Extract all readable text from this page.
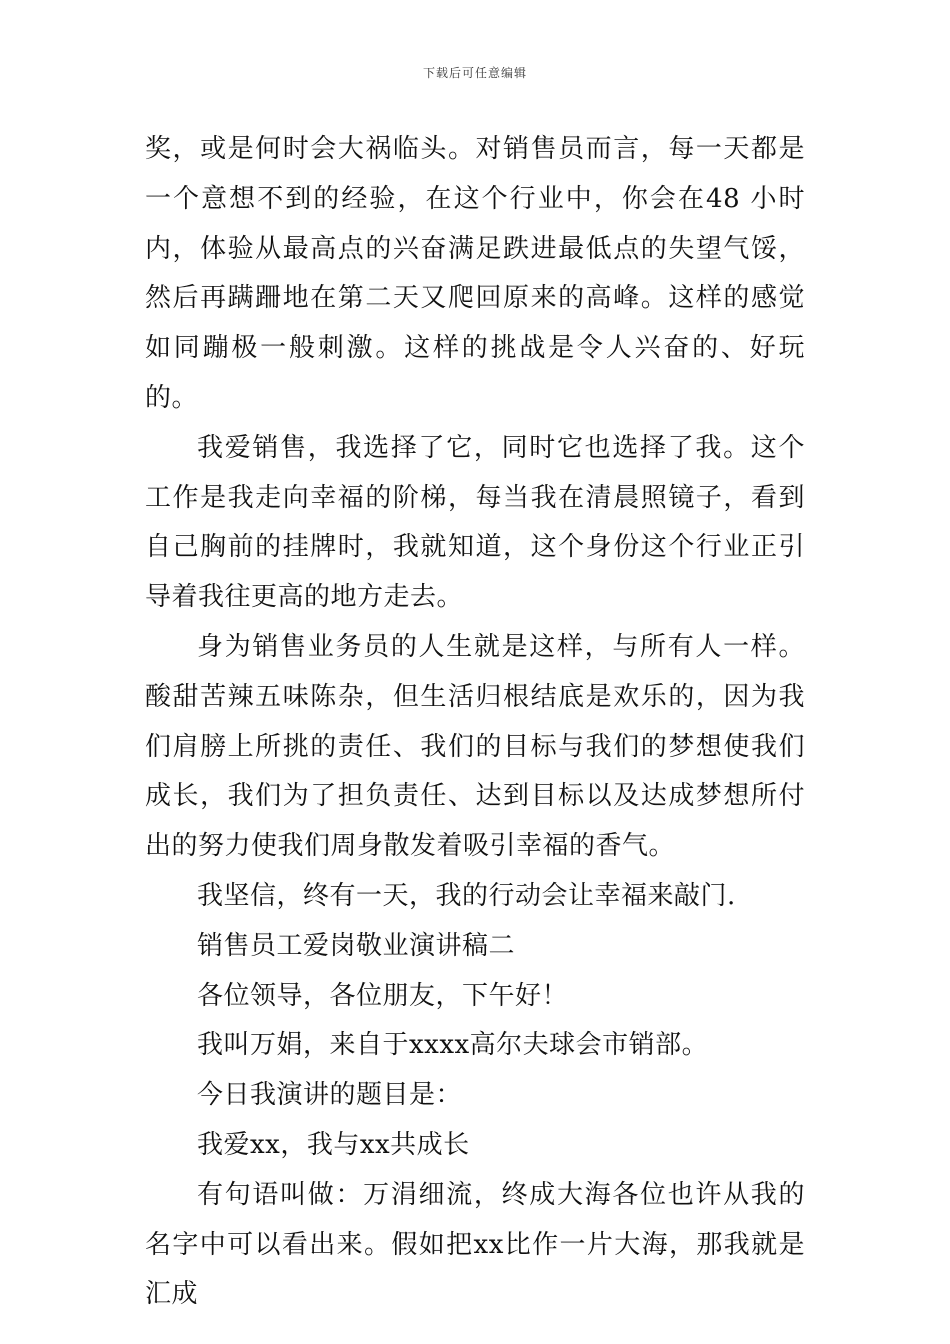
下载后可任意编辑

奖，或是何时会大祸临头。对销售员而言，每一天都是一个意想不到的经验，在这个行业中，你会在48 小时内，体验从最高点的兴奋满足跌进最低点的失望气馁，然后再蹒跚地在第二天又爬回原来的高峰。这样的感觉如同蹦极一般刺激。这样的挑战是令人兴奋的、好玩的。

我爱销售，我选择了它，同时它也选择了我。这个工作是我走向幸福的阶梯，每当我在清晨照镜子，看到自己胸前的挂牌时，我就知道，这个身份这个行业正引导着我往更高的地方走去。

身为销售业务员的人生就是这样，与所有人一样。酸甜苦辣五味陈杂，但生活归根结底是欢乐的，因为我们肩膀上所挑的责任、我们的目标与我们的梦想使我们成长，我们为了担负责任、达到目标以及达成梦想所付出的努力使我们周身散发着吸引幸福的香气。

我坚信，终有一天，我的行动会让幸福来敲门.

销售员工爱岗敬业演讲稿二

各位领导，各位朋友，下午好！

我叫万娟，来自于xxxx高尔夫球会市销部。

今日我演讲的题目是：

我爱xx，我与xx共成长

有句语叫做：万涓细流，终成大海各位也许从我的名字中可以看出来。假如把xx比作一片大海，那我就是汇成
